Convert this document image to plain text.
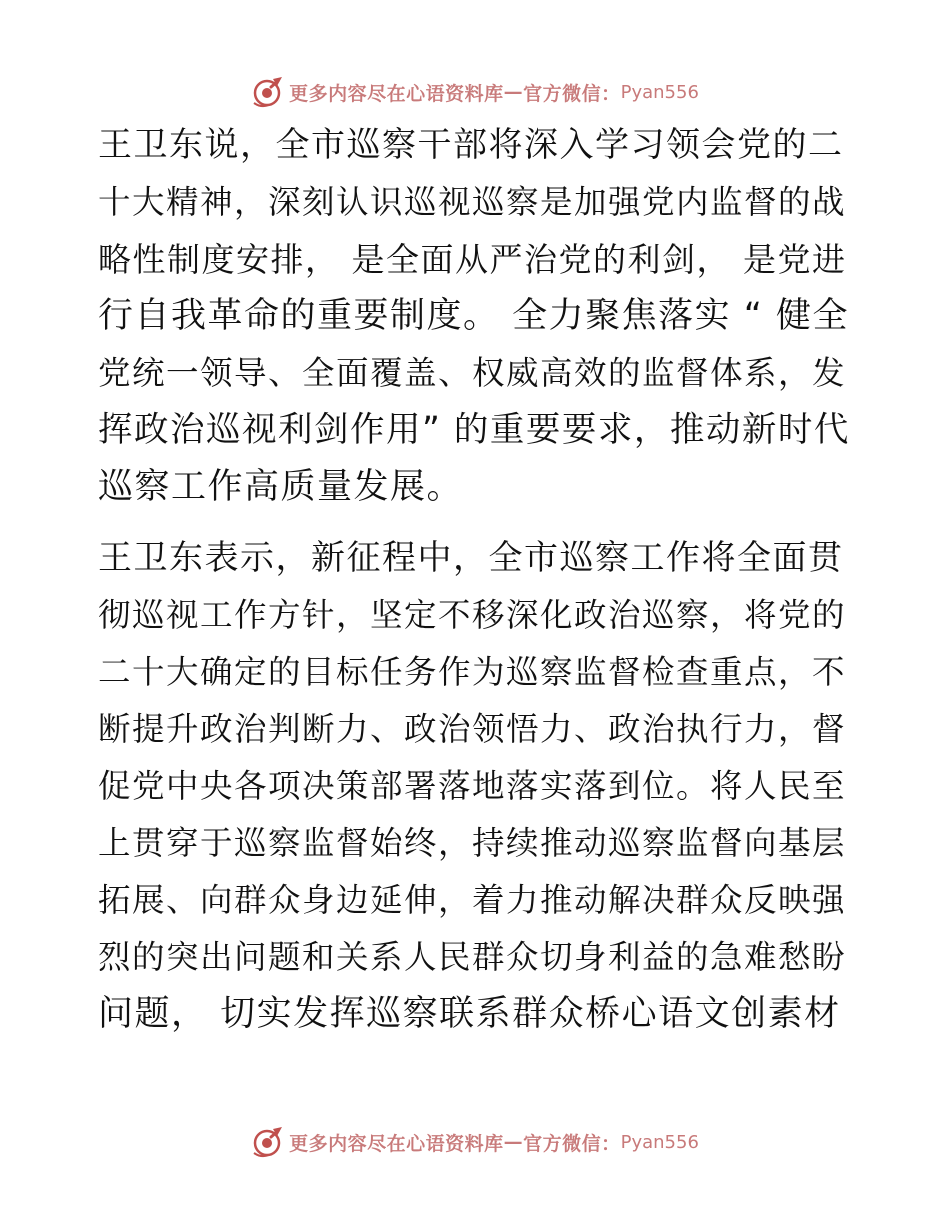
更多内容尽在心语资料库 — 官方微信： Pyan556
王卫东说，全市巡察干部将深入学习领会党的二
十大精神，深刻认识巡视巡察是加强党内监督的战
略性制度安排， 是全面从严治党的利剑， 是党进
行自我革命的重要制度。 全力聚焦落实 “ 健全
党统一领导、全面覆盖、权威高效的监督体系，发
挥政治巡视利剑作用” 的重要要求，推动新时代
巡察工作高质量发展。
王卫东表示，新征程中，全市巡察工作将全面贯
彻巡视工作方针，坚定不移深化政治巡察，将党的
二十大确定的目标任务作为巡察监督检查重点，不
断提升政治判断力、政治领悟力、政治执行力，督
促党中央各项决策部署落地落实落到位。将人民至
上贯穿于巡察监督始终，持续推动巡察监督向基层
拓展、向群众身边延伸，着力推动解决群众反映强
烈的突出问题和关系人民群众切身利益的急难愁盼
问题， 切实发挥巡察联系群众桥心语文创素材
更多内容尽在心语资料库 — 官方微信： Pyan556
